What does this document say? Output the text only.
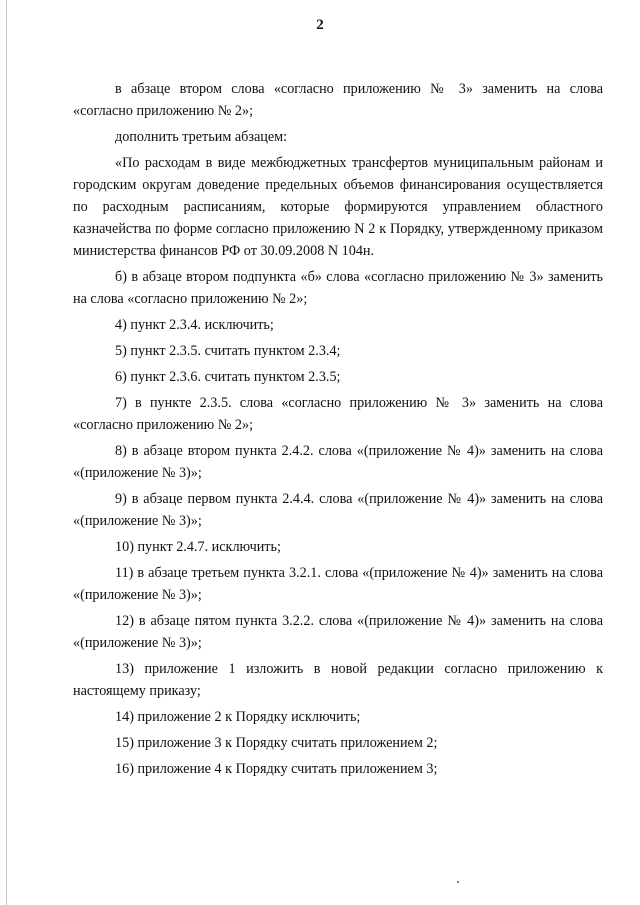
2

в абзаце втором слова «согласно приложению № 3» заменить на слова «согласно приложению № 2»;

дополнить третьим абзацем:

«По расходам в виде межбюджетных трансфертов муниципальным районам и городским округам доведение предельных объемов финансирования осуществляется по расходным расписаниям, которые формируются управлением областного казначейства по форме согласно приложению N 2 к Порядку, утвержденному приказом министерства финансов РФ от 30.09.2008 N 104н.

б) в абзаце втором подпункта «б» слова «согласно приложению № 3» заменить на слова «согласно приложению № 2»;

4) пункт 2.3.4. исключить;

5) пункт 2.3.5. считать пунктом 2.3.4;

6) пункт 2.3.6. считать пунктом 2.3.5;

7) в пункте 2.3.5. слова «согласно приложению № 3» заменить на слова «согласно приложению № 2»;

8) в абзаце втором пункта 2.4.2. слова «(приложение № 4)» заменить на слова «(приложение № 3)»;

9) в абзаце первом пункта 2.4.4. слова «(приложение № 4)» заменить на слова «(приложение № 3)»;

10) пункт 2.4.7. исключить;

11) в абзаце третьем пункта 3.2.1. слова «(приложение № 4)» заменить на слова «(приложение № 3)»;

12) в абзаце пятом пункта 3.2.2. слова «(приложение № 4)» заменить на слова «(приложение № 3)»;

13) приложение 1 изложить в новой редакции согласно приложению к настоящему приказу;

14) приложение 2 к Порядку исключить;

15) приложение 3 к Порядку считать приложением 2;

16) приложение 4 к Порядку считать приложением 3;
